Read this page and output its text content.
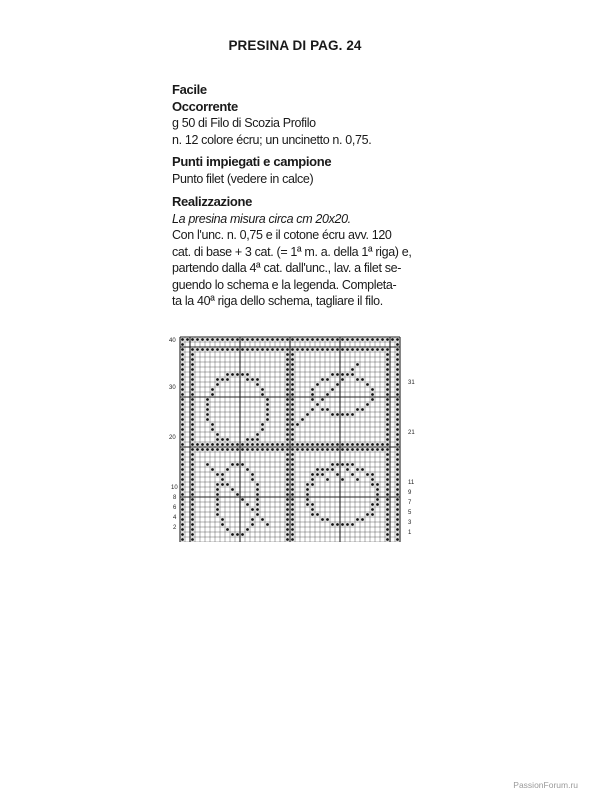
PRESINA DI PAG. 24
Facile
Occorrente
g 50 di Filo di Scozia Profilo
n. 12 colore écru; un uncinetto n. 0,75.
Punti impiegati e campione
Punto filet (vedere in calce)
Realizzazione
La presina misura circa cm 20x20.
Con l'unc. n. 0,75 e il cotone écru avv. 120
cat. di base + 3 cat. (= 1ª m. a. della 1ª riga) e,
partendo dalla 4ª cat. dall'unc., lav. a filet se-
guendo lo schema e la legenda. Completa-
ta la 40ª riga dello schema, tagliare il filo.
40
30
20
10
8
6
4
2
31
21
11
9
7
5
3
1
PassionForum.ru
